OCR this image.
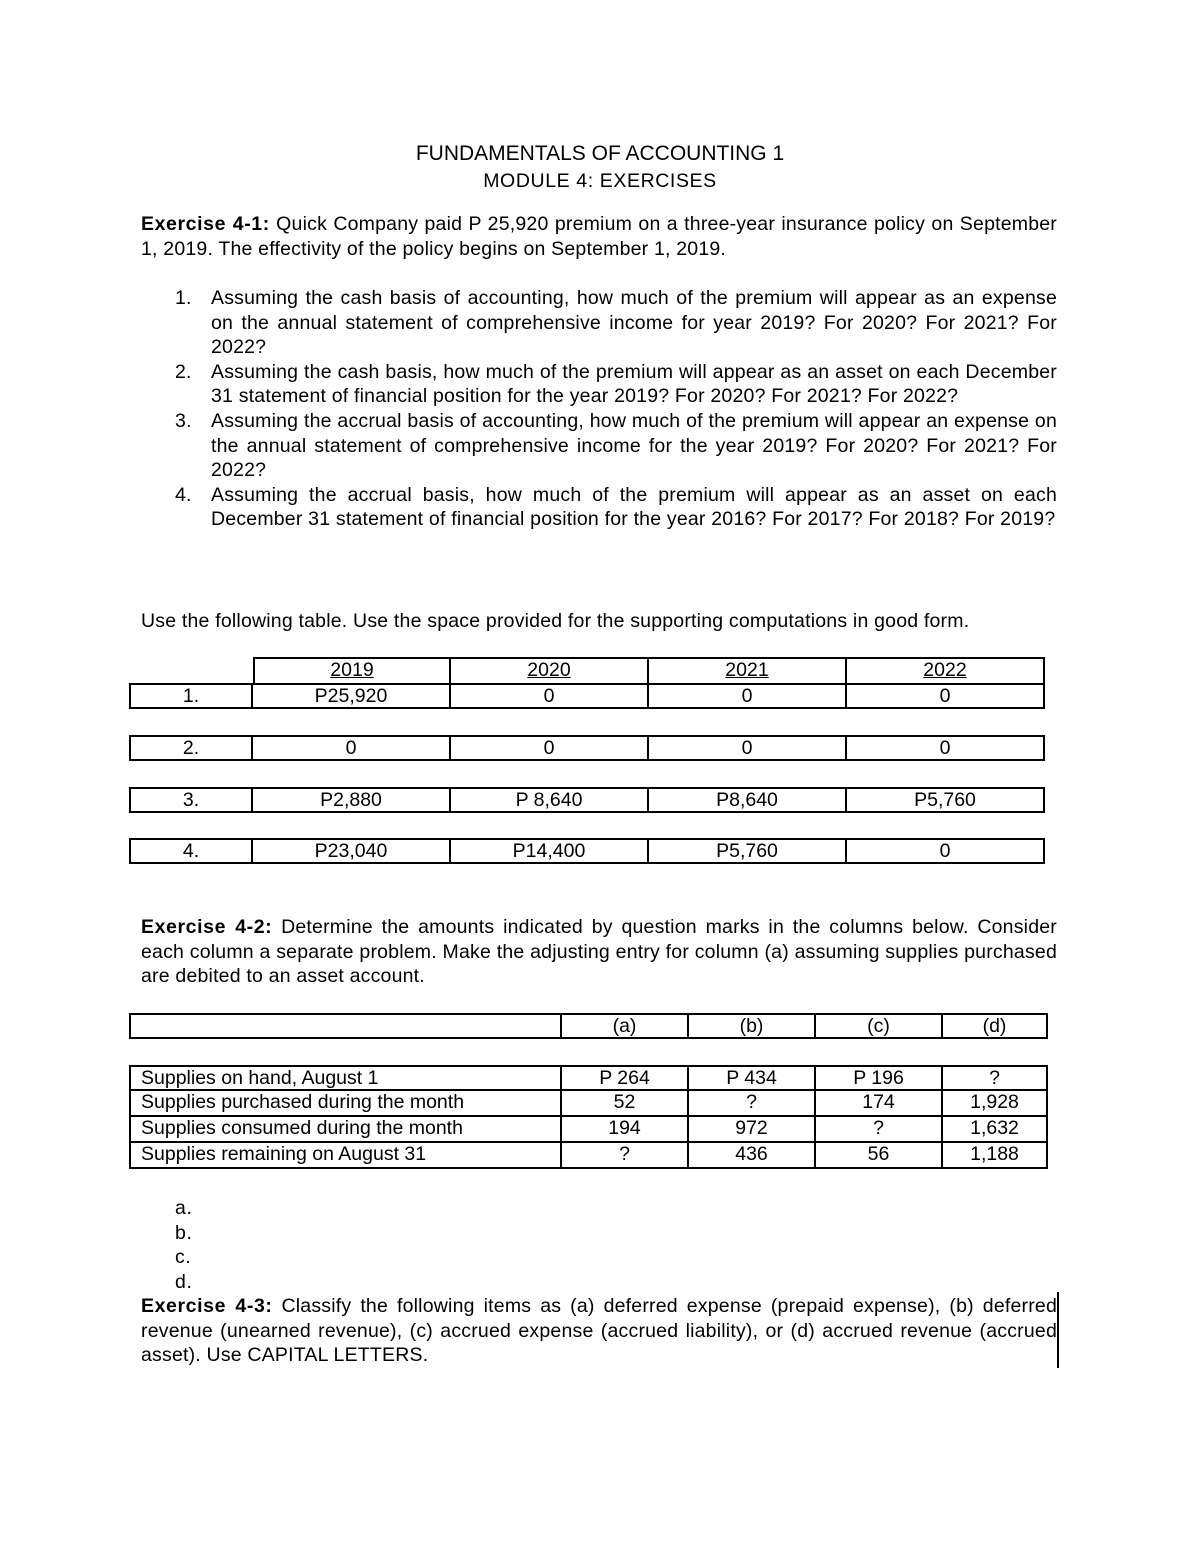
FUNDAMENTALS OF ACCOUNTING 1
MODULE 4: EXERCISES
Exercise 4-1: Quick Company paid P 25,920 premium on a three-year insurance policy on September 1, 2019. The effectivity of the policy begins on September 1, 2019.
1. Assuming the cash basis of accounting, how much of the premium will appear as an expense on the annual statement of comprehensive income for year 2019? For 2020? For 2021? For 2022?
2. Assuming the cash basis, how much of the premium will appear as an asset on each December 31 statement of financial position for the year 2019? For 2020? For 2021? For 2022?
3. Assuming the accrual basis of accounting, how much of the premium will appear an expense on the annual statement of comprehensive income for the year 2019? For 2020? For 2021? For 2022?
4. Assuming the accrual basis, how much of the premium will appear as an asset on each December 31 statement of financial position for the year 2016? For 2017? For 2018? For 2019?
Use the following table. Use the space provided for the supporting computations in good form.
2019	2020	2021	2022
1.	P25,920	0	0	0
2.	0	0	0	0
3.	P2,880	P 8,640	P8,640	P5,760
4.	P23,040	P14,400	P5,760	0
Exercise 4-2: Determine the amounts indicated by question marks in the columns below. Consider each column a separate problem. Make the adjusting entry for column (a) assuming supplies purchased are debited to an asset account.
(a)	(b)	(c)	(d)
Supplies on hand, August 1	P 264	P 434	P 196	?
Supplies purchased during the month	52	?	174	1,928
Supplies consumed during the month	194	972	?	1,632
Supplies remaining on August 31	?	436	56	1,188
a.
b.
c.
d.
Exercise 4-3: Classify the following items as (a) deferred expense (prepaid expense), (b) deferred revenue (unearned revenue), (c) accrued expense (accrued liability), or (d) accrued revenue (accrued asset). Use CAPITAL LETTERS.
